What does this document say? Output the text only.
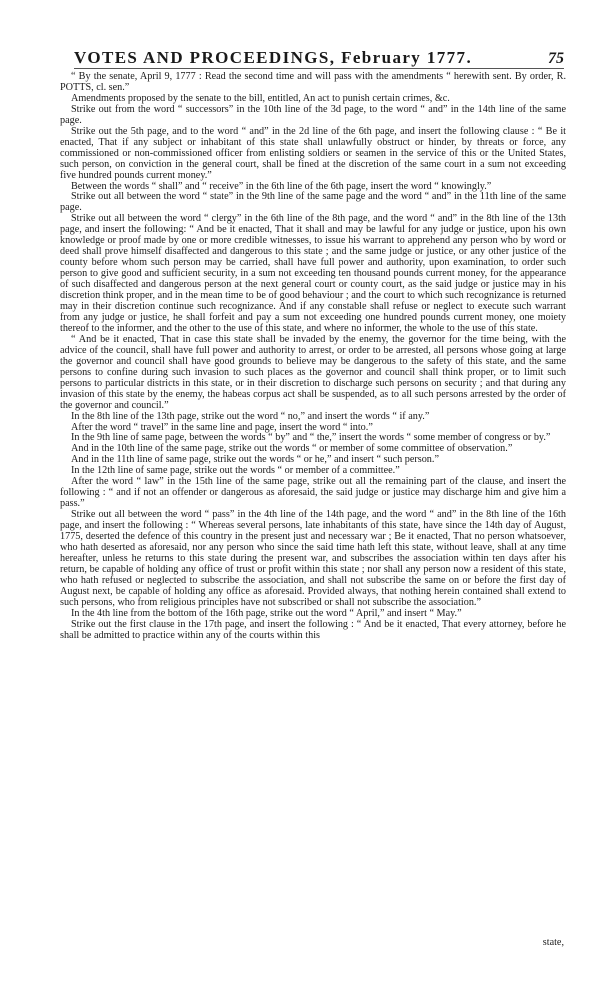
VOTES AND PROCEEDINGS, February 1777.	75

“ By the senate, April 9, 1777 : Read the second time and will pass with the amendments “ herewith sent. By order, R. POTTS, cl. sen.”

Amendments proposed by the senate to the bill, entitled, An act to punish certain crimes, &c.

Strike out from the word “ successors” in the 10th line of the 3d page, to the word “ and” in the 14th line of the same page.

Strike out the 5th page, and to the word “ and” in the 2d line of the 6th page, and insert the following clause : “ Be it enacted, That if any subject or inhabitant of this state shall unlawfully obstruct or hinder, by threats or force, any commissioned or non-commissioned officer from enlisting soldiers or seamen in the service of this or the United States, such person, on conviction in the general court, shall be fined at the discretion of the same court in a sum not exceeding five hundred pounds current money.”

Between the words “ shall” and “ receive” in the 6th line of the 6th page, insert the word “ knowingly.”

Strike out all between the word “ state” in the 9th line of the same page and the word “ and” in the 11th line of the same page.

Strike out all between the word “ clergy” in the 6th line of the 8th page, and the word “ and” in the 8th line of the 13th page, and insert the following: “ And be it enacted, That it shall and may be lawful for any judge or justice, upon his own knowledge or proof made by one or more credible witnesses, to issue his warrant to apprehend any person who by word or deed shall prove himself disaffected and dangerous to this state ; and the same judge or justice, or any other justice of the county before whom such person may be carried, shall have full power and authority, upon examination, to order such person to give good and sufficient security, in a sum not exceeding ten thousand pounds current money, for the appearance of such disaffected and dangerous person at the next general court or county court, as the said judge or justice may in his discretion think proper, and in the mean time to be of good behaviour ; and the court to which such recognizance is returned may in their discretion continue such recognizance. And if any constable shall refuse or neglect to execute such warrant from any judge or justice, he shall forfeit and pay a sum not exceeding one hundred pounds current money, one moiety thereof to the informer, and the other to the use of this state, and where no informer, the whole to the use of this state.

“ And be it enacted, That in case this state shall be invaded by the enemy, the governor for the time being, with the advice of the council, shall have full power and authority to arrest, or order to be arrested, all persons whose going at large the governor and council shall have good grounds to believe may be dangerous to the safety of this state, and the same persons to confine during such invasion to such places as the governor and council shall think proper, or to limit such persons to particular districts in this state, or in their discretion to discharge such persons on security ; and that during any invasion of this state by the enemy, the habeas corpus act shall be suspended, as to all such persons arrested by the order of the governor and council.”

In the 8th line of the 13th page, strike out the word “ no,” and insert the words “ if any.”

After the word “ travel” in the same line and page, insert the word “ into.”

In the 9th line of same page, between the words “ by” and “ the,” insert the words “ some member of congress or by.”

And in the 10th line of the same page, strike out the words “ or member of some committee of observation.”

And in the 11th line of same page, strike out the words “ or he,” and insert “ such person.”

In the 12th line of same page, strike out the words “ or member of a committee.”

After the word “ law” in the 15th line of the same page, strike out all the remaining part of the clause, and insert the following : “ and if not an offender or dangerous as aforesaid, the said judge or justice may discharge him and give him a pass.”

Strike out all between the word “ pass” in the 4th line of the 14th page, and the word “ and” in the 8th line of the 16th page, and insert the following : “ Whereas several persons, late inhabitants of this state, have since the 14th day of August, 1775, deserted the defence of this country in the present just and necessary war ; Be it enacted, That no person whatsoever, who hath deserted as aforesaid, nor any person who since the said time hath left this state, without leave, shall at any time hereafter, unless he returns to this state during the present war, and subscribes the association within ten days after his return, be capable of holding any office of trust or profit within this state ; nor shall any person now a resident of this state, who hath refused or neglected to subscribe the association, and shall not subscribe the same on or before the first day of August next, be capable of holding any office as aforesaid. Provided always, that nothing herein contained shall extend to such persons, who from religious principles have not subscribed or shall not subscribe the association.”

In the 4th line from the bottom of the 16th page, strike out the word “ April,” and insert “ May.”

Strike out the first clause in the 17th page, and insert the following : “ And be it enacted, That every attorney, before he shall be admitted to practice within any of the courts within this

state,
